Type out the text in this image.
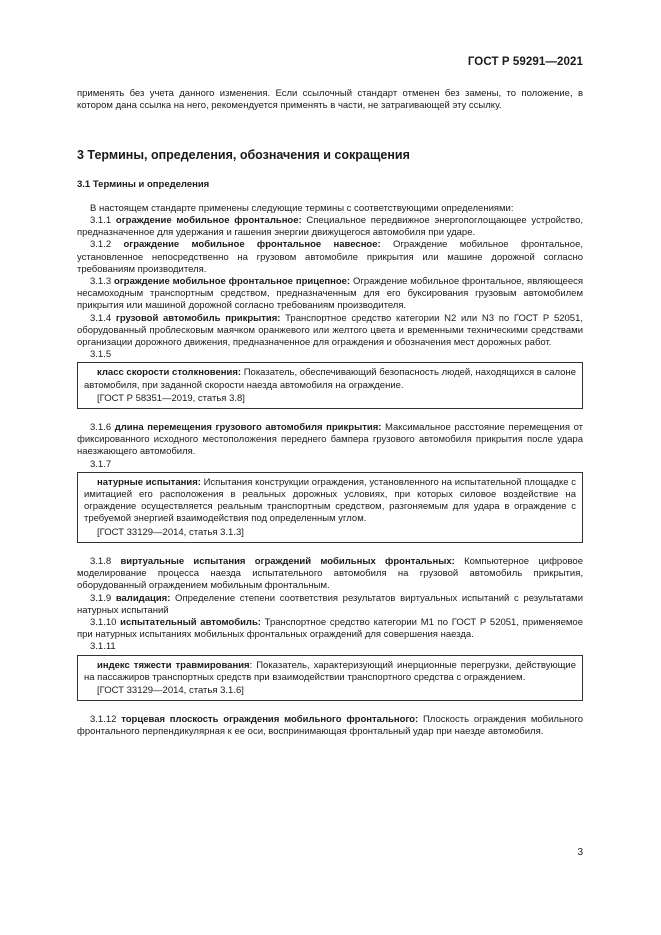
ГОСТ Р 59291—2021

применять без учета данного изменения. Если ссылочный стандарт отменен без замены, то положение, в котором дана ссылка на него, рекомендуется применять в части, не затрагивающей эту ссылку.

3 Термины, определения, обозначения и сокращения

3.1 Термины и определения

В настоящем стандарте применены следующие термины с соответствующими определениями:

3.1.1 ограждение мобильное фронтальное: Специальное передвижное энергопоглощающее устройство, предназначенное для удержания и гашения энергии движущегося автомобиля при ударе.

3.1.2 ограждение мобильное фронтальное навесное: Ограждение мобильное фронтальное, установленное непосредственно на грузовом автомобиле прикрытия или машине дорожной согласно требованиям производителя.

3.1.3 ограждение мобильное фронтальное прицепное: Ограждение мобильное фронтальное, являющееся несамоходным транспортным средством, предназначенным для его буксирования грузовым автомобилем прикрытия или машиной дорожной согласно требованиям производителя.

3.1.4 грузовой автомобиль прикрытия: Транспортное средство категории N2 или N3 по ГОСТ Р 52051, оборудованный проблесковым маячком оранжевого или желтого цвета и временными техническими средствами организации дорожного движения, предназначенное для ограждения и обозначения мест дорожных работ.

3.1.5

класс скорости столкновения: Показатель, обеспечивающий безопасность людей, находящихся в салоне автомобиля, при заданной скорости наезда автомобиля на ограждение.

[ГОСТ Р 58351—2019, статья 3.8]

3.1.6 длина перемещения грузового автомобиля прикрытия: Максимальное расстояние перемещения от фиксированного исходного местоположения переднего бампера грузового автомобиля прикрытия после удара наезжающего автомобиля.

3.1.7

натурные испытания: Испытания конструкции ограждения, установленного на испытательной площадке с имитацией его расположения в реальных дорожных условиях, при которых силовое воздействие на ограждение осуществляется реальным транспортным средством, разгоняемым для удара в ограждение с требуемой энергией взаимодействия под определенным углом.

[ГОСТ 33129—2014, статья 3.1.3]

3.1.8 виртуальные испытания ограждений мобильных фронтальных: Компьютерное цифровое моделирование процесса наезда испытательного автомобиля на грузовой автомобиль прикрытия, оборудованный ограждением мобильным фронтальным.

3.1.9 валидация: Определение степени соответствия результатов виртуальных испытаний с результатами натурных испытаний

3.1.10 испытательный автомобиль: Транспортное средство категории М1 по ГОСТ Р 52051, применяемое при натурных испытаниях мобильных фронтальных ограждений для совершения наезда.

3.1.11

индекс тяжести травмирования: Показатель, характеризующий инерционные перегрузки, действующие на пассажиров транспортных средств при взаимодействии транспортного средства с ограждением.

[ГОСТ 33129—2014, статья 3.1.6]

3.1.12 торцевая плоскость ограждения мобильного фронтального: Плоскость ограждения мобильного фронтального перпендикулярная к ее оси, воспринимающая фронтальный удар при наезде автомобиля.

3
